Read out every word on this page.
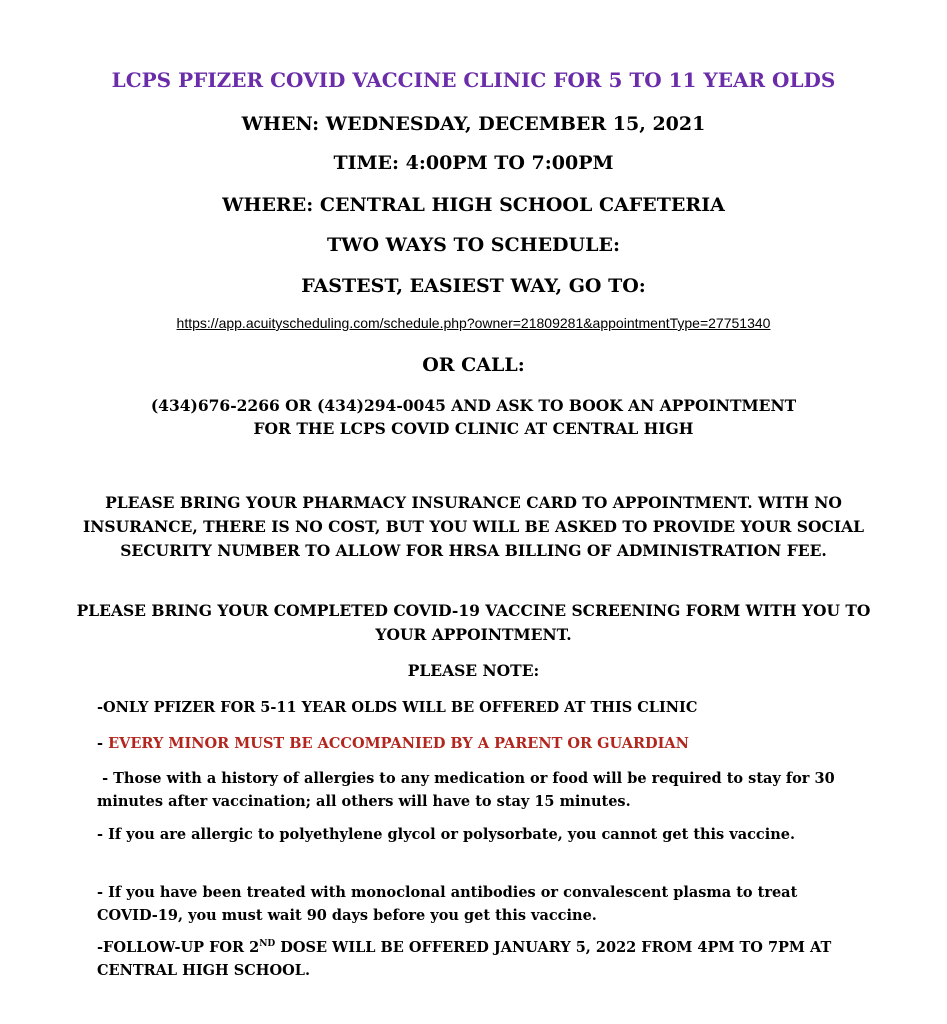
LCPS PFIZER COVID VACCINE CLINIC FOR 5 TO 11 YEAR OLDS
WHEN: WEDNESDAY, DECEMBER 15, 2021
TIME: 4:00PM TO 7:00PM
WHERE: CENTRAL HIGH SCHOOL CAFETERIA
TWO WAYS TO SCHEDULE:
FASTEST, EASIEST WAY, GO TO:
https://app.acuityscheduling.com/schedule.php?owner=21809281&appointmentType=27751340
OR CALL:
(434)676-2266 OR (434)294-0045 AND ASK TO BOOK AN APPOINTMENT
FOR THE LCPS COVID CLINIC AT CENTRAL HIGH
PLEASE BRING YOUR PHARMACY INSURANCE CARD TO APPOINTMENT. WITH NO INSURANCE, THERE IS NO COST, BUT YOU WILL BE ASKED TO PROVIDE YOUR SOCIAL SECURITY NUMBER TO ALLOW FOR HRSA BILLING OF ADMINISTRATION FEE.
PLEASE BRING YOUR COMPLETED COVID-19 VACCINE SCREENING FORM WITH YOU TO YOUR APPOINTMENT.
PLEASE NOTE:
-ONLY PFIZER FOR 5-11 YEAR OLDS WILL BE OFFERED AT THIS CLINIC
- EVERY MINOR MUST BE ACCOMPANIED BY A PARENT OR GUARDIAN
- Those with a history of allergies to any medication or food will be required to stay for 30 minutes after vaccination; all others will have to stay 15 minutes.
- If you are allergic to polyethylene glycol or polysorbate, you cannot get this vaccine.
- If you have been treated with monoclonal antibodies or convalescent plasma to treat COVID-19, you must wait 90 days before you get this vaccine.
-FOLLOW-UP FOR 2ND DOSE WILL BE OFFERED JANUARY 5, 2022 FROM 4PM TO 7PM AT CENTRAL HIGH SCHOOL.
